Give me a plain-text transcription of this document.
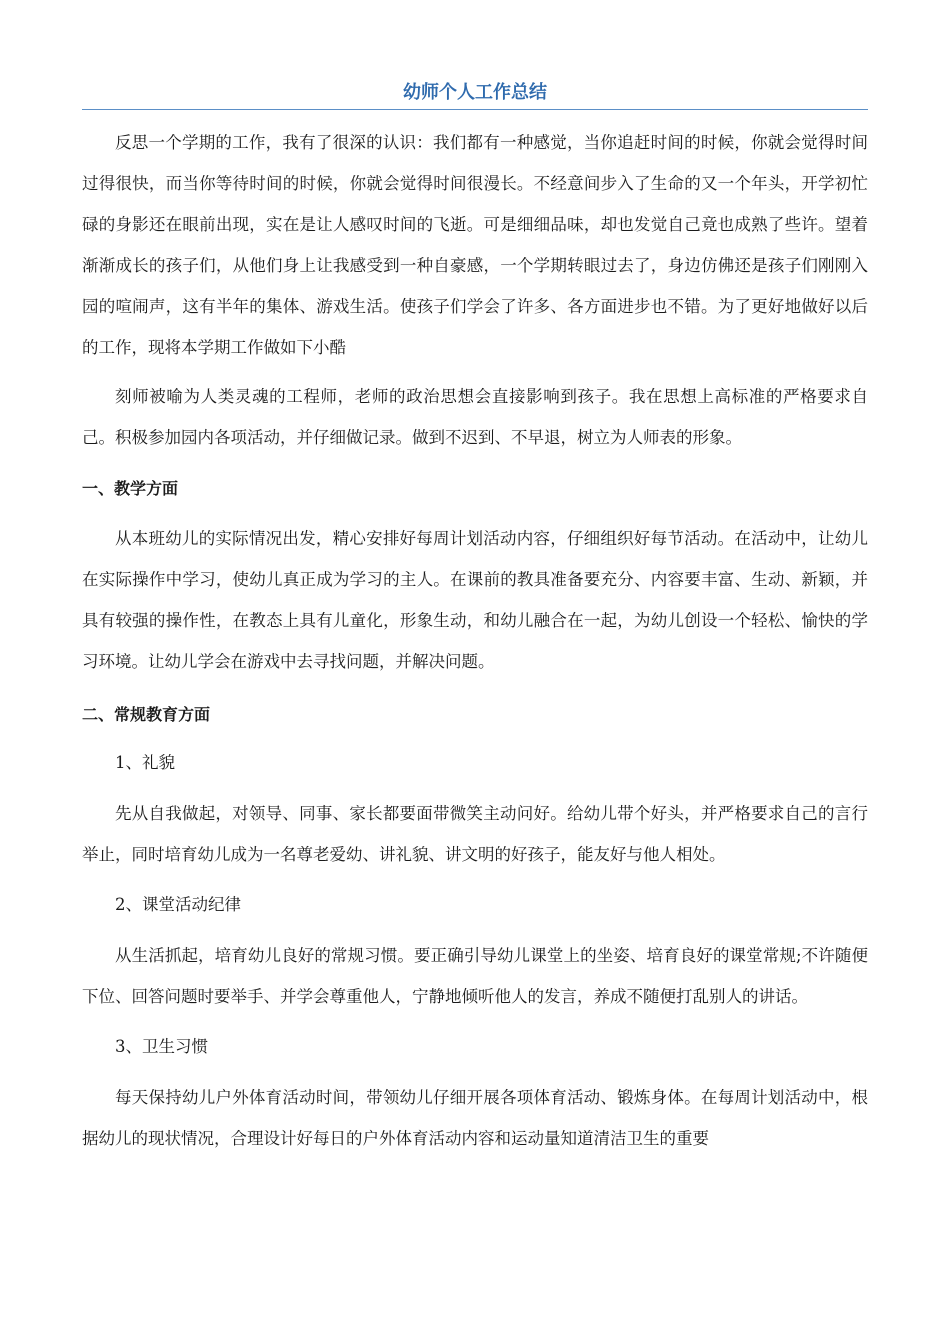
幼师个人工作总结

反思一个学期的工作，我有了很深的认识：我们都有一种感觉，当你追赶时间的时候，你就会觉得时间过得很快，而当你等待时间的时候，你就会觉得时间很漫长。不经意间步入了生命的又一个年头，开学初忙碌的身影还在眼前出现，实在是让人感叹时间的飞逝。可是细细品味，却也发觉自己竟也成熟了些许。望着渐渐成长的孩子们，从他们身上让我感受到一种自豪感，一个学期转眼过去了，身边仿佛还是孩子们刚刚入园的喧闹声，这有半年的集体、游戏生活。使孩子们学会了许多、各方面进步也不错。为了更好地做好以后的工作，现将本学期工作做如下小酷

刻师被喻为人类灵魂的工程师，老师的政治思想会直接影响到孩子。我在思想上高标准的严格要求自己。积极参加园内各项活动，并仔细做记录。做到不迟到、不早退，树立为人师表的形象。

一、教学方面

从本班幼儿的实际情况出发，精心安排好每周计划活动内容，仔细组织好每节活动。在活动中，让幼儿在实际操作中学习，使幼儿真正成为学习的主人。在课前的教具准备要充分、内容要丰富、生动、新颖，并具有较强的操作性，在教态上具有儿童化，形象生动，和幼儿融合在一起，为幼儿创设一个轻松、愉快的学习环境。让幼儿学会在游戏中去寻找问题，并解决问题。

二、常规教育方面

1、礼貌

先从自我做起，对领导、同事、家长都要面带微笑主动问好。给幼儿带个好头，并严格要求自己的言行举止，同时培育幼儿成为一名尊老爱幼、讲礼貌、讲文明的好孩子，能友好与他人相处。

2、课堂活动纪律

从生活抓起，培育幼儿良好的常规习惯。要正确引导幼儿课堂上的坐姿、培育良好的课堂常规;不许随便下位、回答问题时要举手、并学会尊重他人，宁静地倾听他人的发言，养成不随便打乱别人的讲话。

3、卫生习惯

每天保持幼儿户外体育活动时间，带领幼儿仔细开展各项体育活动、锻炼身体。在每周计划活动中，根据幼儿的现状情况，合理设计好每日的户外体育活动内容和运动量知道清洁卫生的重要
